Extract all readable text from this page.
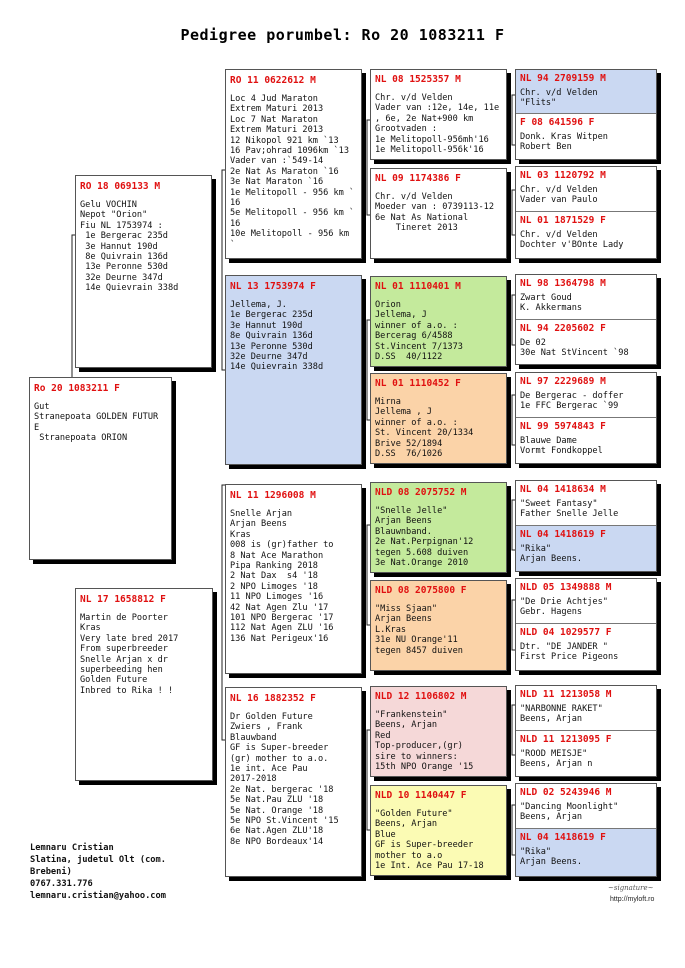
Pedigree porumbel: Ro 20 1083211 F
Ro 20 1083211 F
Gut
Stranepoata GOLDEN FUTUR
E
Stranepoata ORION
RO 18 069133 M
Gelu VOCHIN
Nepot "Orion"
Fiu NL 1753974 :
1e Bergerac 235d
3e Hannut 190d
8e Quivrain 136d
13e Peronne 530d
32e Deurne 347d
14e Quievrain 338d
NL 17 1658812 F
Martin de Poorter
Kras
Very late bred 2017
From superbreeder
Snelle Arjan x dr
superbeeding hen
Golden Future
Inbred to Rika ! !
RO 11 0622612 M
Loc 4 Jud Maraton
Extrem Maturi 2013
Loc 7 Nat Maraton
Extrem Maturi 2013
12 Nikopol 921 km `13
16 Pav;ohrad 1096km `13
Vader van :`549-14
2e Nat As Maraton `16
3e Nat Maraton `16
1e Melitopoll - 956 km `
16
5e Melitopoll - 956 km `
16
10e Melitopoll - 956 km `
NL 13 1753974 F
Jellema, J.
1e Bergerac 235d
3e Hannut 190d
8e Quivrain 136d
13e Peronne 530d
32e Deurne 347d
14e Quievrain 338d
NL 11 1296008 M
Snelle Arjan
Arjan Beens
Kras
008 is (gr)father to
8 Nat Ace Marathon
Pipa Ranking 2018
2 Nat Dax  s4 '18
2 NPO Limoges '18
11 NPO Limoges '16
42 Nat Agen Zlu '17
101 NPO Bergerac '17
112 Nat Agen ZLU '16
136 Nat Perigeux'16
NL 16 1882352 F
Dr Golden Future
Zwiers , Frank
Blauwband
GF is Super-breeder
(gr) mother to a.o.
1e int. Ace Pau
2017-2018
2e Nat. bergerac '18
5e Nat.Pau ZLU '18
5e Nat. Orange '18
5e NPO St.Vincent '15
6e Nat.Agen ZLU'18
8e NPO Bordeaux'14
NL 08 1525357 M
Chr. v/d Velden
Vader van :12e, 14e, 11e
, 6e, 2e Nat+900 km
Grootvaden :
1e Melitopoll-956mh'16
1e Melitopoll-956k'16
NL 09 1174386 F
Chr. v/d Velden
Moeder van : 0739113-12
6e Nat As National
Tineret 2013
NL 01 1110401 M
Orion
Jellema, J
winner of a.o. :
Bercerag 6/4588
St.Vincent 7/1373
D.SS  40/1122
NL 01 1110452 F
Mirna
Jellema , J
winner of a.o. :
St. Vincent 20/1334
Brive 52/1894
D.SS  76/1026
NLD 08 2075752 M
"Snelle Jelle"
Arjan Beens
Blauwnband.
2e Nat.Perpignan'12
tegen 5.608 duiven
3e Nat.Orange 2010
NLD 08 2075800 F
"Miss Sjaan"
Arjan Beens
L.Kras
31e NU Orange'11
tegen 8457 duiven
NLD 12 1106802 M
"Frankenstein"
Beens, Arjan
Red
Top-producer,(gr)
sire to winners:
15th NPO Orange '15
NLD 10 1140447 F
"Golden Future"
Beens, Arjan
Blue
GF is Super-breeder
mother to a.o
1e Int. Ace Pau 17-18
NL 94 2709159 M
Chr. v/d Velden
"Flits"
F 08 641596 F
Donk. Kras Witpen
Robert Ben
NL 03 1120792 M
Chr. v/d Velden
Vader van Paulo
NL 01 1871529 F
Chr. v/d Velden
Dochter v'BOnte Lady
NL 98 1364798 M
Zwart Goud
K. Akkermans
NL 94 2205602 F
De 02
30e Nat StVincent `98
NL 97 2229689 M
De Bergerac - doffer
1e FFC Bergerac `99
NL 99 5974843 F
Blauwe Dame
Vormt Fondkoppel
NL 04 1418634 M
"Sweet Fantasy"
Father Snelle Jelle
NL 04 1418619 F
"Rika"
Arjan Beens.
NLD 05 1349888 M
"De Drie Achtjes"
Gebr. Hagens
NLD 04 1029577 F
Dtr. "DE JANDER "
First Price Pigeons
NLD 11 1213058 M
"NARBONNE RAKET"
Beens, Arjan
NLD 11 1213095 F
"ROOD MEISJE"
Beens, Arjan n
NLD 02 5243946 M
"Dancing Moonlight"
Beens, Arjan
NL 04 1418619 F
"Rika"
Arjan Beens.
Lemnaru Cristian
Slatina, judetul Olt (com.
Brebeni)
0767.331.776
lemnaru.cristian@yahoo.com
~signature~
http://myloft.ro
